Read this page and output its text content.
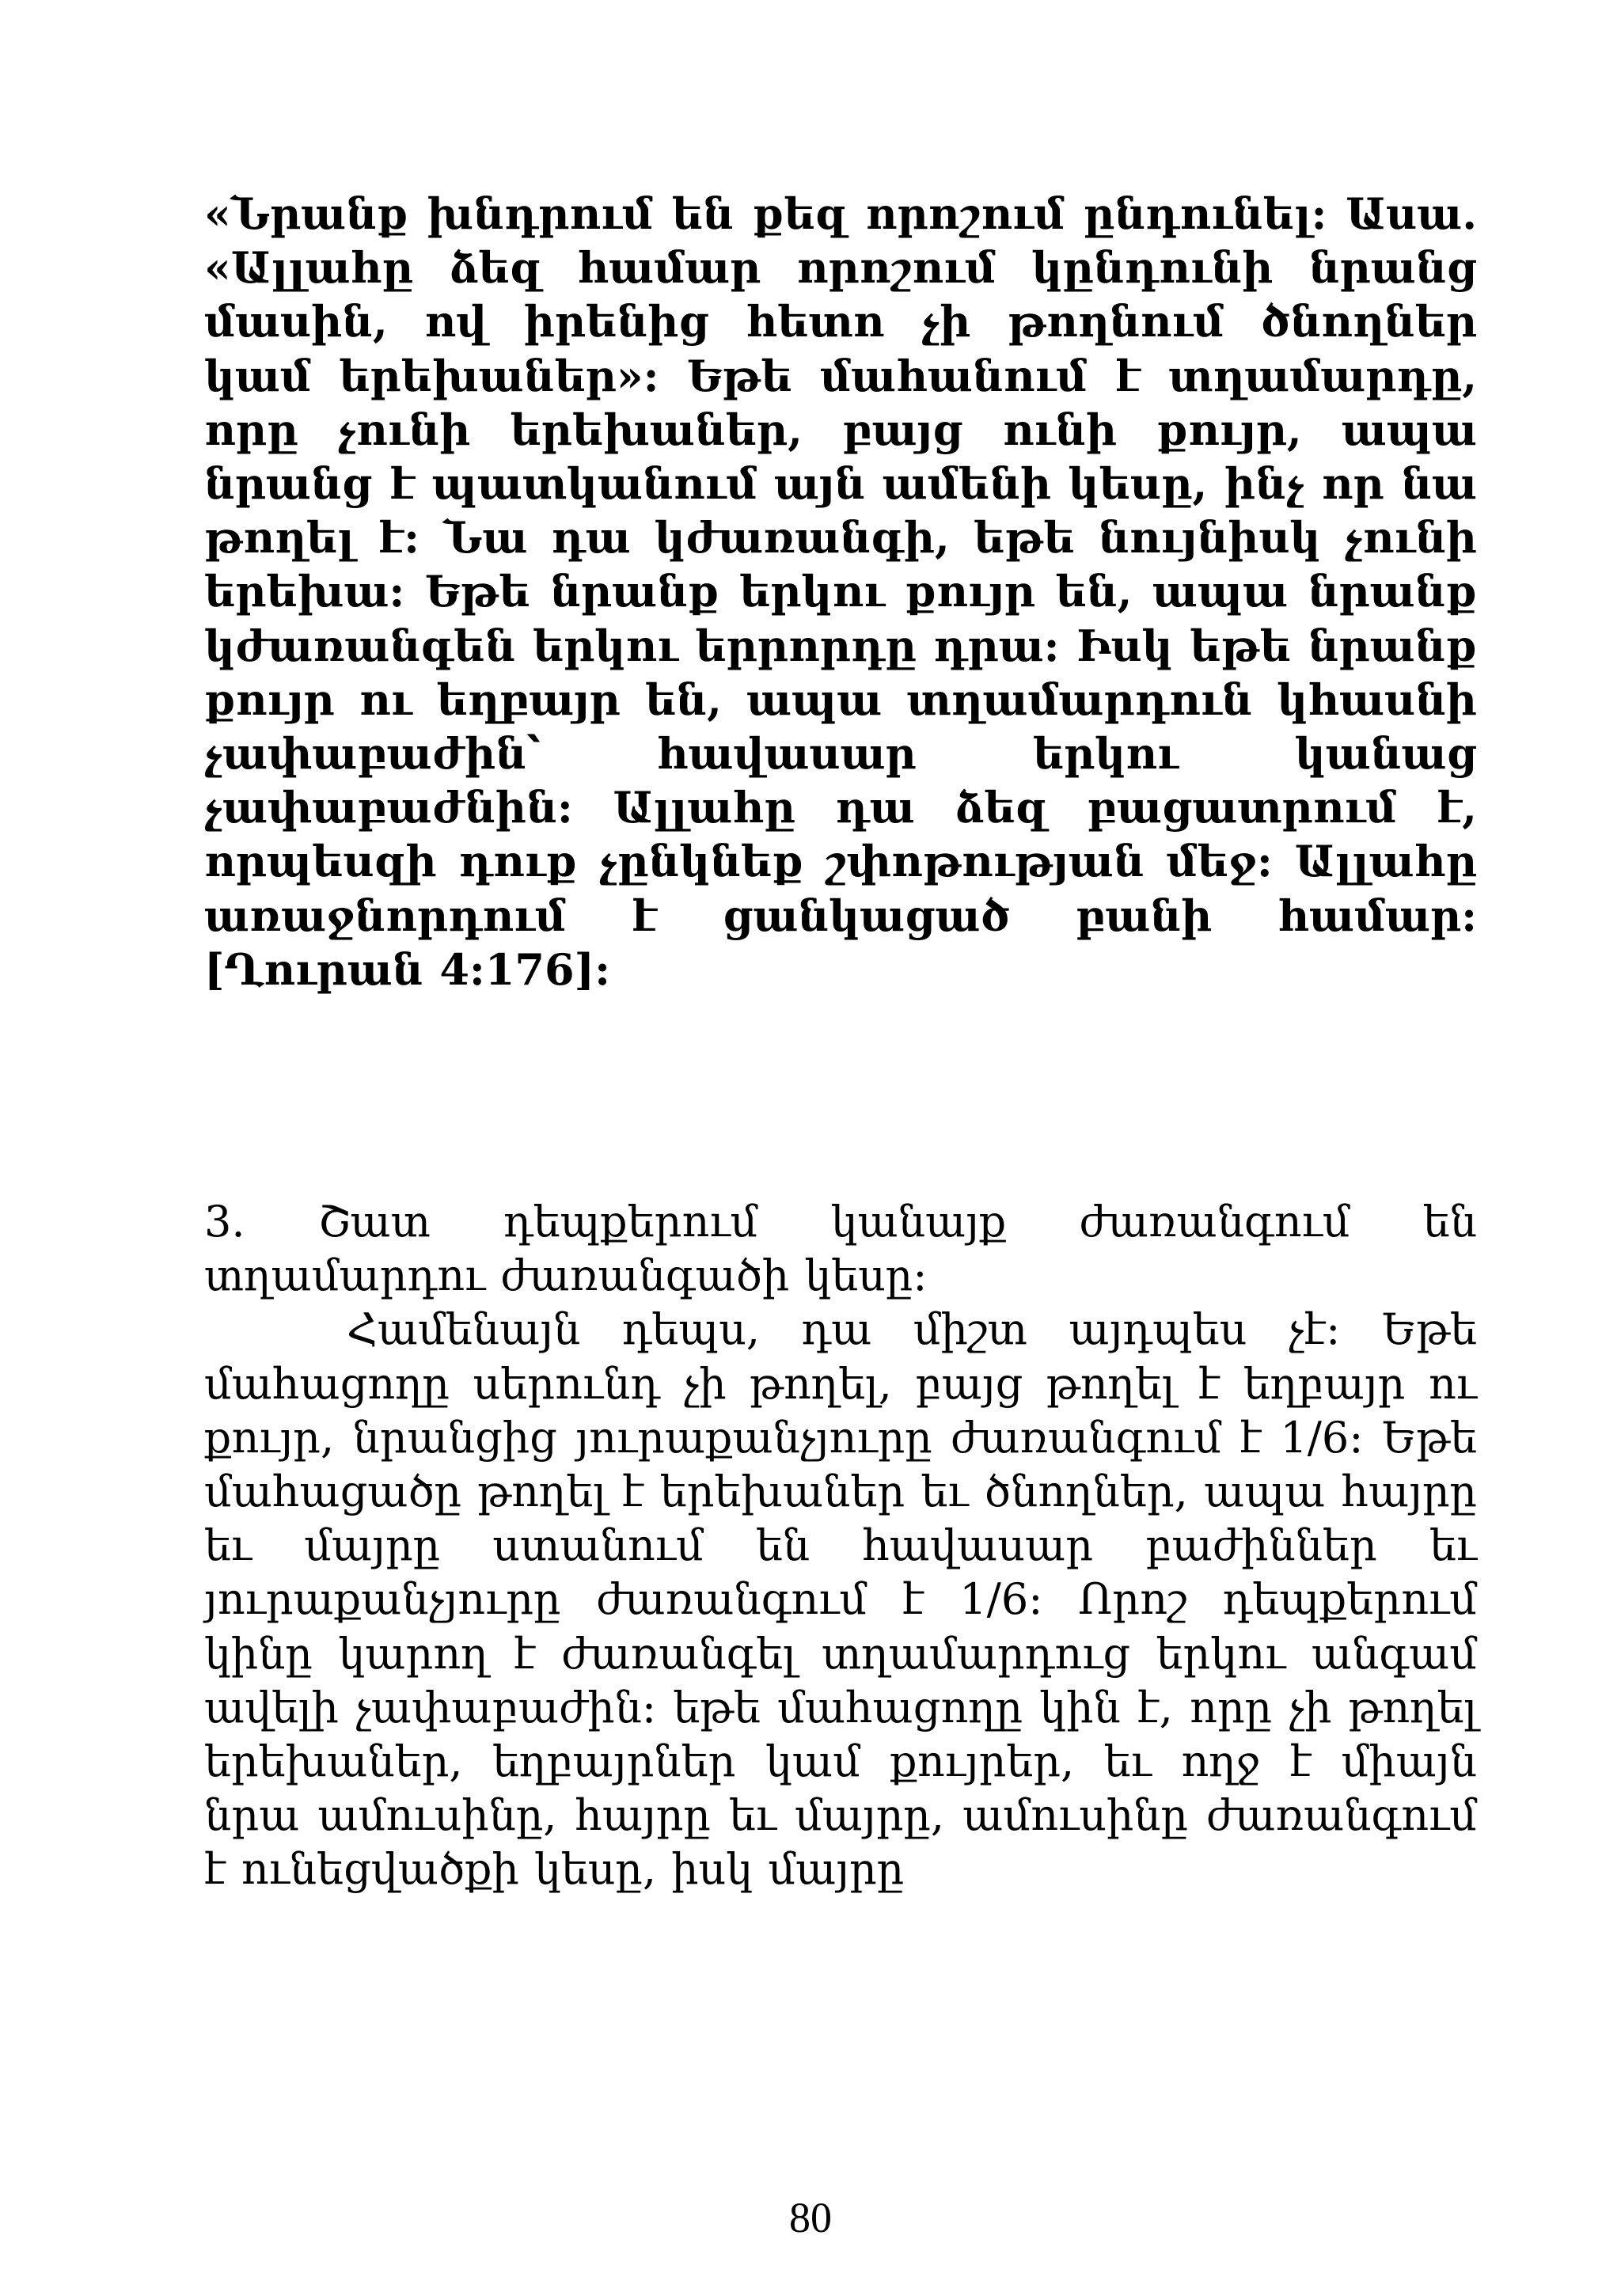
«Նրանք խնդրում են քեզ որոշում ընդունել: Ասա. «Ալլահը ձեզ համար որոշում կընդունի նրանց մասին, ով իրենից հետո չի թողնում ծնողներ կամ երեխաներ»: Եթե մահանում է տղամարդը, որը չունի երեխաներ, բայց ունի քույր, ապա նրանց է պատկանում այն ամենի կեսը, ինչ որ նա թողել է: Նա դա կժառանգի, եթե նույնիսկ չունի երեխա: Եթե նրանք երկու քույր են, ապա նրանք կժառանգեն երկու երրորդը դրա: Իսկ եթե նրանք քույր ու եղբայր են, ապա տղամարդուն կհասնի չափաբաժին՝ հավասար երկու կանաց չափաբաժնին: Ալլահը դա ձեզ բացատրում է, որպեսզի դուք չընկնեք շփոթության մեջ: Ալլահը առաջնորդում է ցանկացած բանի համար: [Ղուրան 4:176]:

3. Շատ դեպքերում կանայք ժառանգում են տղամարդու ժառանգածի կեսը:

Համենայն դեպս, դա միշտ այդպես չէ: Եթե մահացողը սերունդ չի թողել, բայց թողել է եղբայր ու քույր, նրանցից յուրաքանչյուրը ժառանգում է 1/6: Եթե մահացածը թողել է երեխաներ եւ ծնողներ, ապա հայրը եւ մայրը ստանում են հավասար բաժիններ եւ յուրաքանչյուրը ժառանգում է 1/6: Որոշ դեպքերում կինը կարող է ժառանգել տղամարդուց երկու անգամ ավելի չափաբաժին: եթե մահացողը կին է, որը չի թողել երեխաներ, եղբայրներ կամ քույրեր, եւ ողջ է միայն նրա ամուսինը, հայրը եւ մայրը, ամուսինը ժառանգում է ունեցվածքի կեսը, իսկ մայրը

80
